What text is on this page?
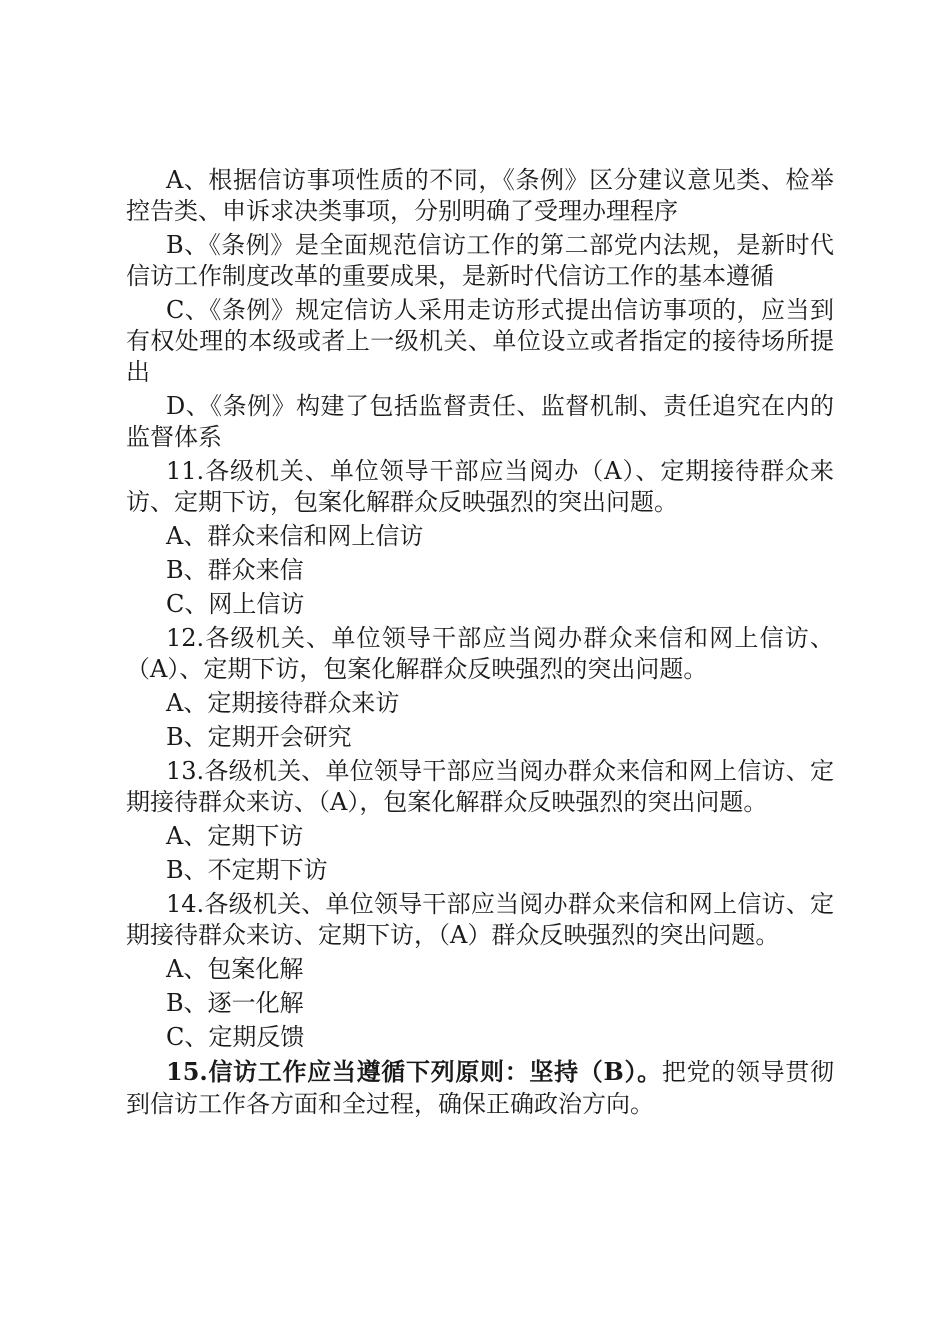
A、根据信访事项性质的不同，《条例》区分建议意见类、检举控告类、申诉求决类事项，分别明确了受理办理程序

B、《条例》是全面规范信访工作的第二部党内法规，是新时代信访工作制度改革的重要成果，是新时代信访工作的基本遵循

C、《条例》规定信访人采用走访形式提出信访事项的，应当到有权处理的本级或者上一级机关、单位设立或者指定的接待场所提出

D、《条例》构建了包括监督责任、监督机制、责任追究在内的监督体系

11.各级机关、单位领导干部应当阅办（A）、定期接待群众来访、定期下访，包案化解群众反映强烈的突出问题。

A、群众来信和网上信访

B、群众来信

C、网上信访

12.各级机关、单位领导干部应当阅办群众来信和网上信访、（A）、定期下访，包案化解群众反映强烈的突出问题。

A、定期接待群众来访

B、定期开会研究

13.各级机关、单位领导干部应当阅办群众来信和网上信访、定期接待群众来访、（A），包案化解群众反映强烈的突出问题。

A、定期下访

B、不定期下访

14.各级机关、单位领导干部应当阅办群众来信和网上信访、定期接待群众来访、定期下访，（A）群众反映强烈的突出问题。

A、包案化解

B、逐一化解

C、定期反馈

15.信访工作应当遵循下列原则：坚持（B）。把党的领导贯彻到信访工作各方面和全过程，确保正确政治方向。
